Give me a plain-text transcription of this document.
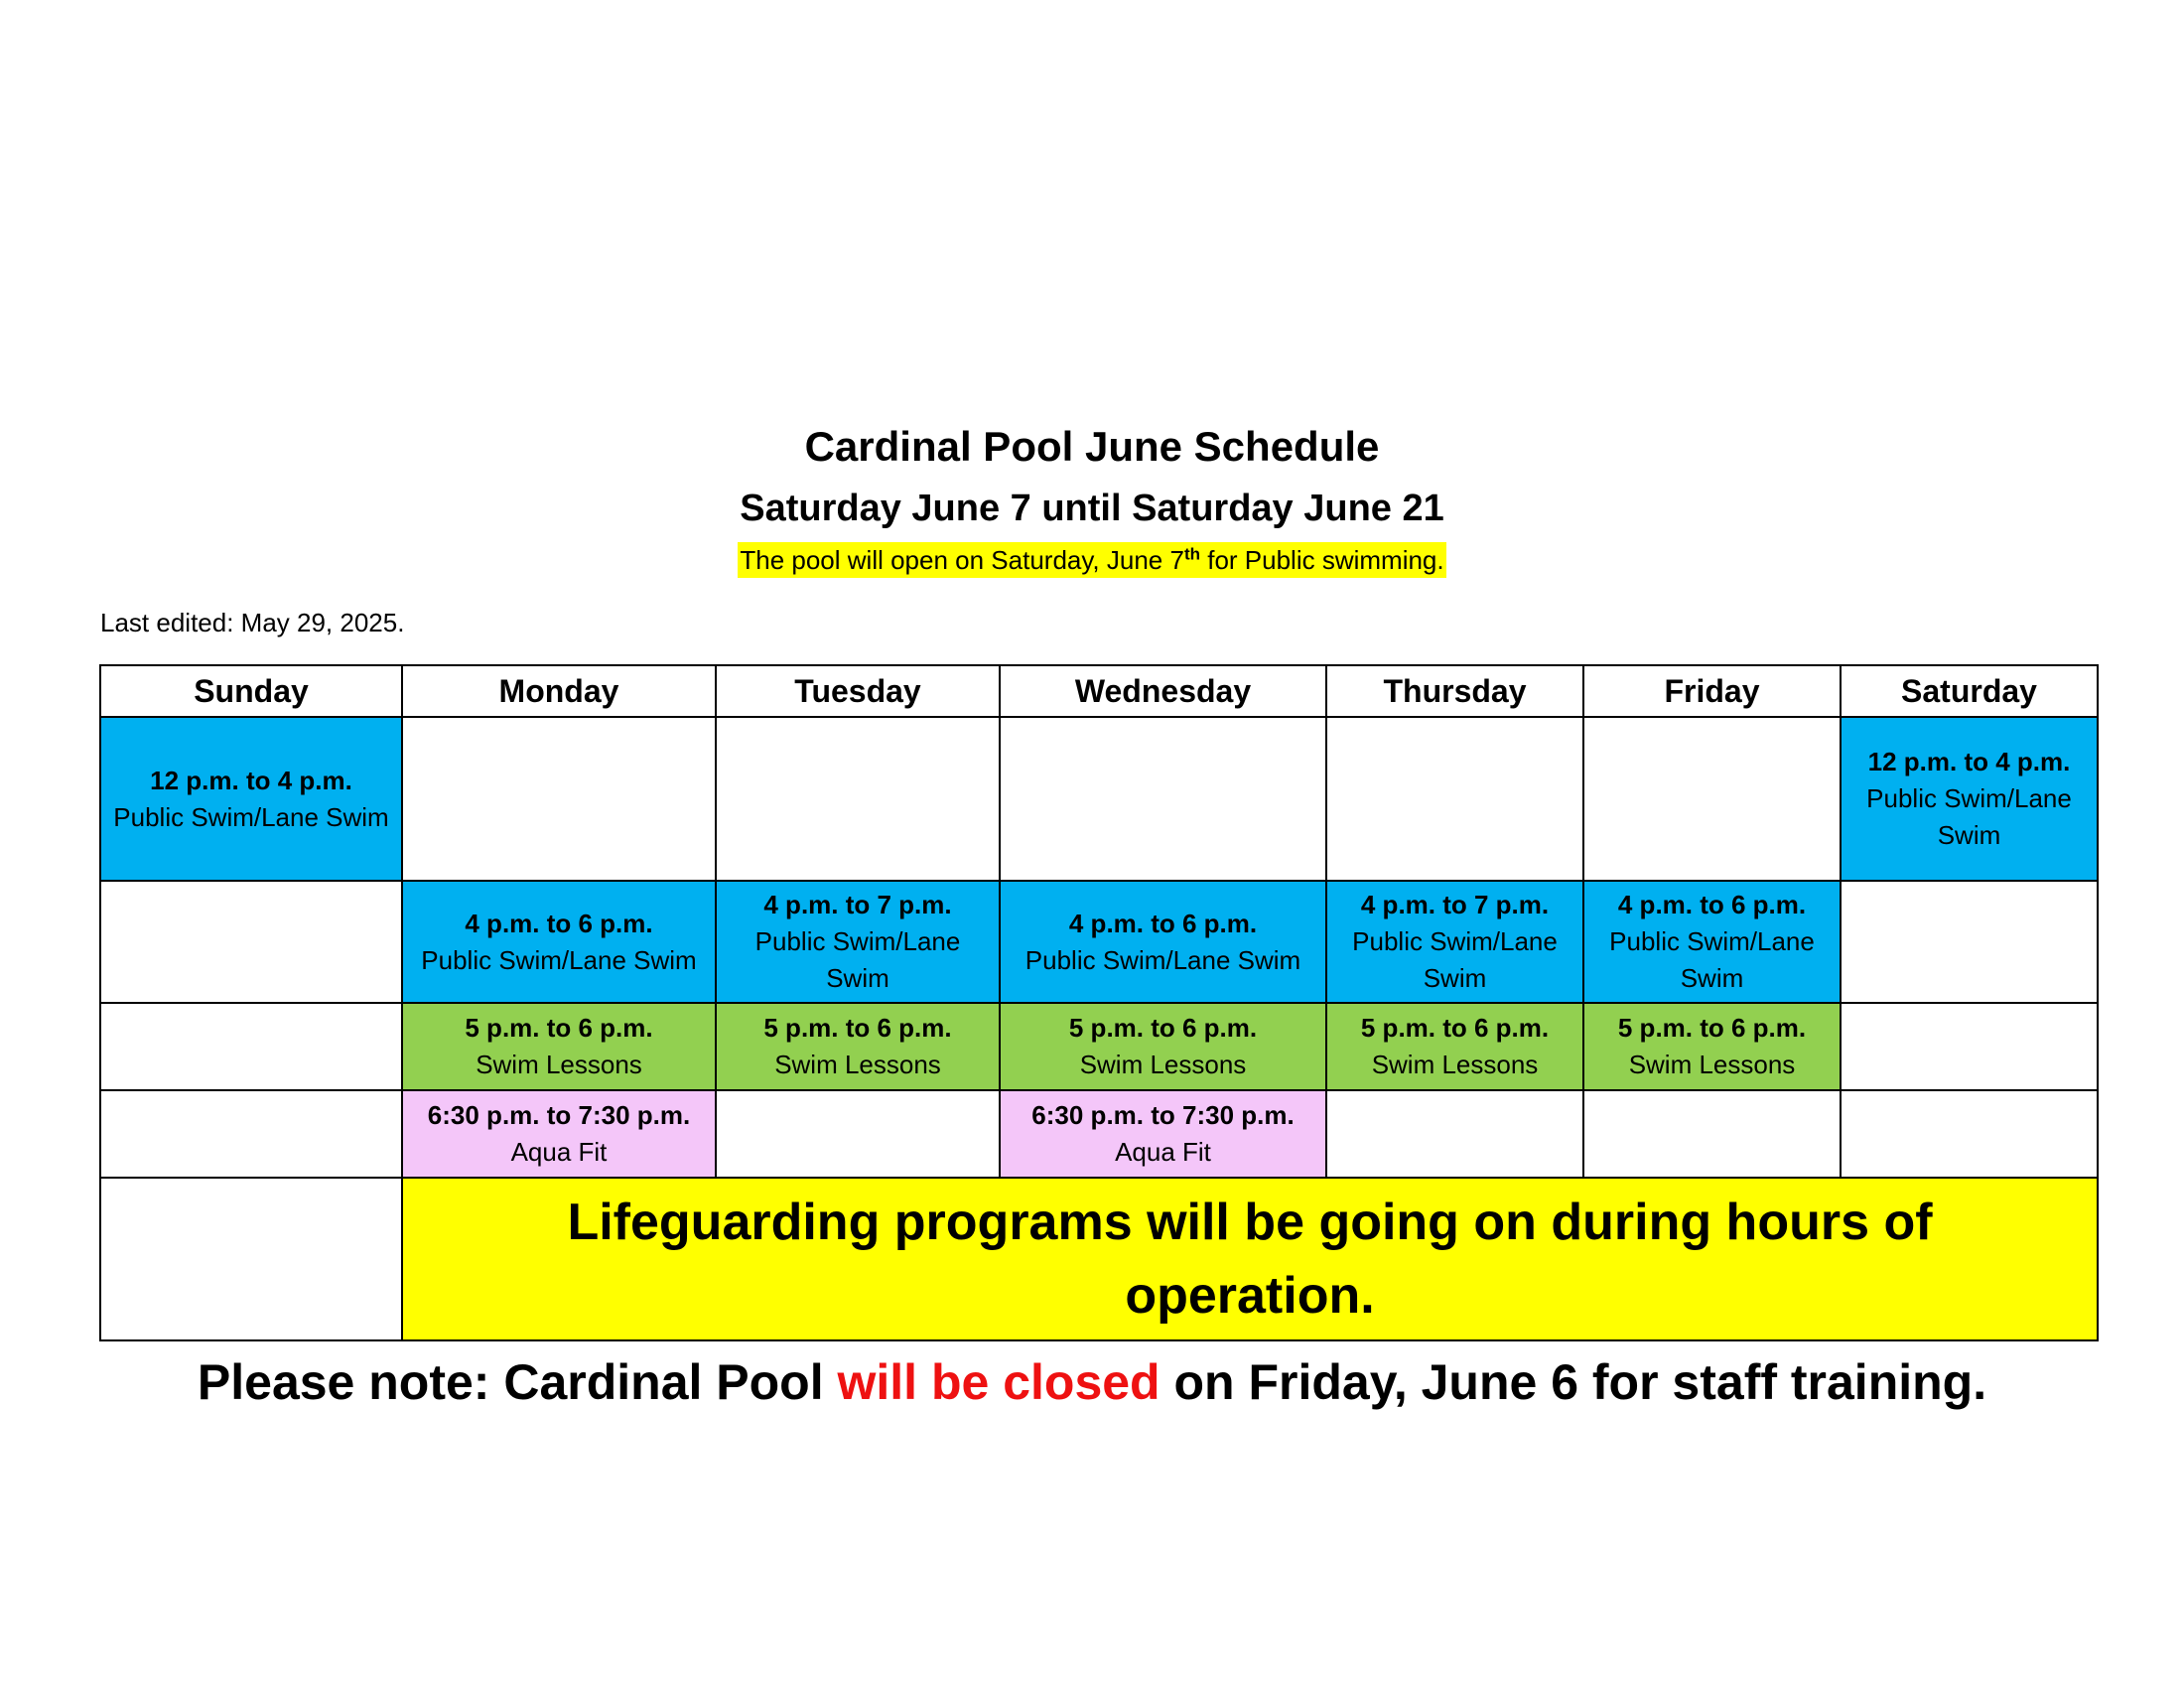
Cardinal Pool June Schedule
Saturday June 7 until Saturday June 21
The pool will open on Saturday, June 7th for Public swimming.
Last edited: May 29, 2025.
Sunday	Monday	Tuesday	Wednesday	Thursday	Friday	Saturday

12 p.m. to 4 p.m.
Public Swim/Lane Swim						12 p.m. to 4 p.m.
Public Swim/Lane Swim

	4 p.m. to 6 p.m.
Public Swim/Lane Swim	4 p.m. to 7 p.m.
Public Swim/Lane Swim	4 p.m. to 6 p.m.
Public Swim/Lane Swim	4 p.m. to 7 p.m.
Public Swim/Lane Swim	4 p.m. to 6 p.m.
Public Swim/Lane Swim	

	5 p.m. to 6 p.m.
Swim Lessons	5 p.m. to 6 p.m.
Swim Lessons	5 p.m. to 6 p.m.
Swim Lessons	5 p.m. to 6 p.m.
Swim Lessons	5 p.m. to 6 p.m.
Swim Lessons	

	6:30 p.m. to 7:30 p.m.
Aqua Fit		6:30 p.m. to 7:30 p.m.
Aqua Fit			

	Lifeguarding programs will be going on during hours of operation.					
Please note: Cardinal Pool will be closed on Friday, June 6 for staff training.
